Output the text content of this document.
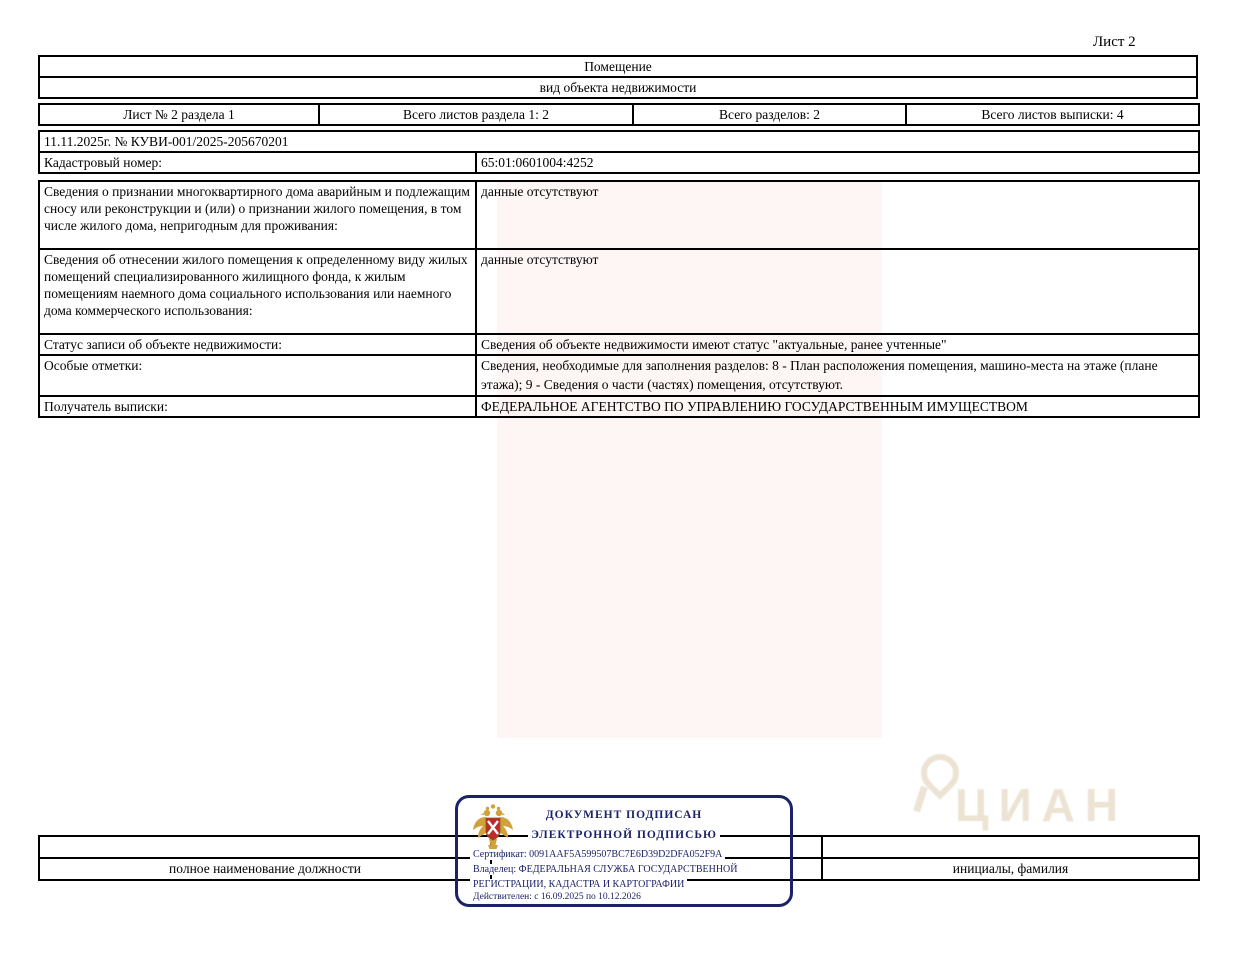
ЦИАН
Лист 2
Помещение
вид объекта недвижимости
Лист № 2 раздела 1	Всего листов раздела 1: 2	Всего разделов: 2	Всего листов выписки: 4
11.11.2025г. № КУВИ-001/2025-205670201
Кадастровый номер:	65:01:0601004:4252
Сведения о признании многоквартирного дома аварийным и подлежащим сносу или реконструкции и (или) о признании жилого помещения, в том числе жилого дома, непригодным для проживания:	данные отсутствуют
Сведения об отнесении жилого помещения к определенному виду жилых помещений специализированного жилищного фонда, к жилым помещениям наемного дома социального использования или наемного дома коммерческого использования:	данные отсутствуют
Статус записи об объекте недвижимости:	Сведения об объекте недвижимости имеют статус "актуальные, ранее учтенные"
Особые отметки:	Сведения, необходимые для заполнения разделов: 8 - План расположения помещения, машино-места на этаже (плане этажа); 9 - Сведения о части (частях) помещения, отсутствуют.
Получатель выписки:	ФЕДЕРАЛЬНОЕ АГЕНТСТВО ПО УПРАВЛЕНИЮ ГОСУДАРСТВЕННЫМ ИМУЩЕСТВОМ

полное наименование должности		инициалы, фамилия
ДОКУМЕНТ ПОДПИСАН
ЭЛЕКТРОННОЙ ПОДПИСЬЮ
Сертификат: 0091AAF5A599507BC7E6D39D2DFA052F9A
Владелец: ФЕДЕРАЛЬНАЯ СЛУЖБА ГОСУДАРСТВЕННОЙ
РЕГИСТРАЦИИ, КАДАСТРА И КАРТОГРАФИИ
Действителен: с 16.09.2025 по 10.12.2026
